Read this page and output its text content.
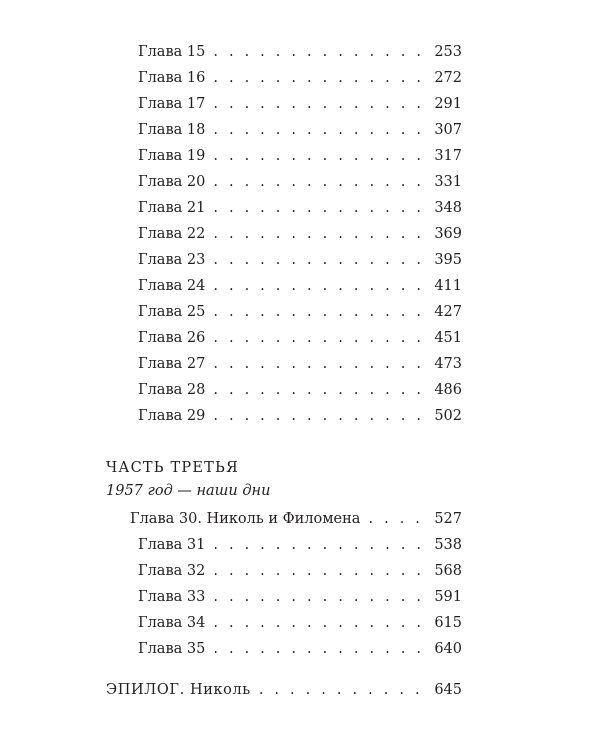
Глава 15 . . .	253
Глава 16 . . .	272
Глава 17 . . .	291
Глава 18 . . .	307
Глава 19 . . .	317
Глава 20 . . .	331
Глава 21 . . .	348
Глава 22 . . .	369
Глава 23 . . .	395
Глава 24 . . .	411
Глава 25 . . .	427
Глава 26 . . .	451
Глава 27 . . .	473
Глава 28 . . .	486
Глава 29 . . .	502
ЧАСТЬ ТРЕТЬЯ

1957 год — наши дни

Глава 30. Николь и Филомена . . .	527
Глава 31 . . .	538
Глава 32 . . .	568
Глава 33 . . .	591
Глава 34 . . .	615
Глава 35 . . .	640
ЭПИЛОГ. Николь . . .	645
